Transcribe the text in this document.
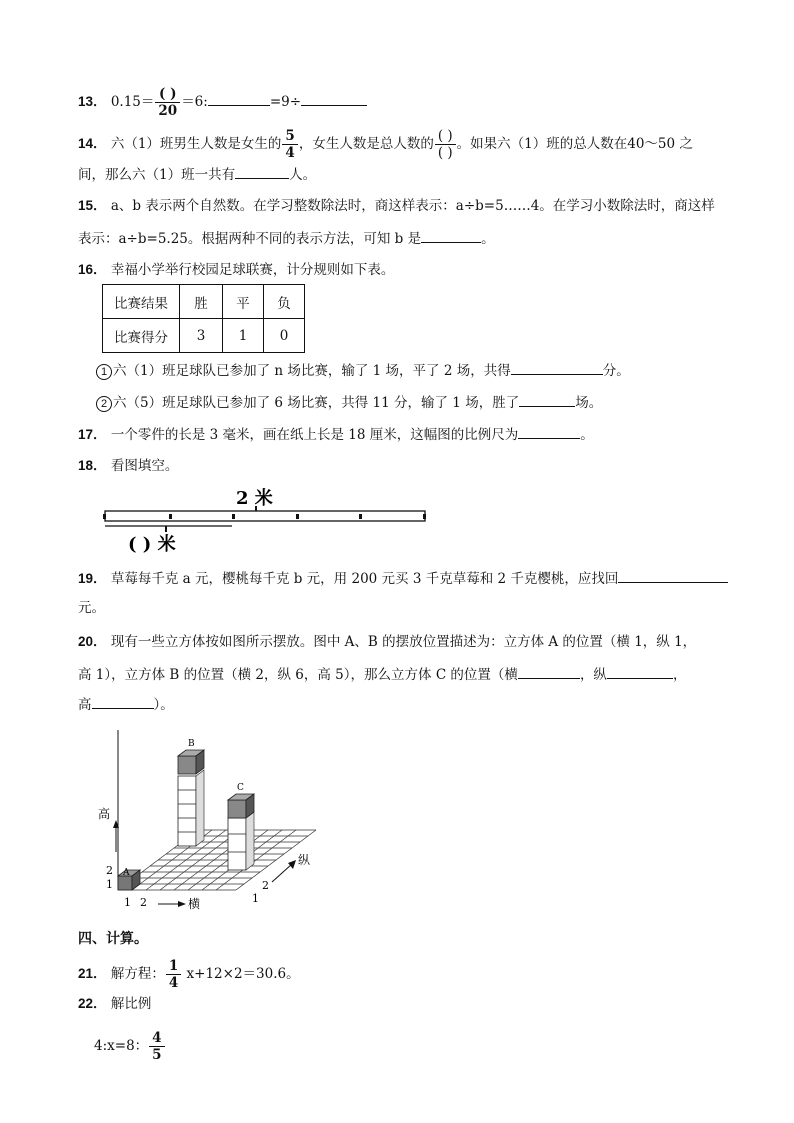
13． $0.15= \frac{( )}{20} =6$:	=9÷
14． 六（1）班男生人数是女生的 $\frac{5}{4}$ ，女生人数是总人数的 $\frac{( )}{( )}$ 。如果六（1）班的总人数在40～50 之
间，那么六（1）班一共有	人。
15． a、b 表示两个自然数。在学习整数除法时，商这样表示：a÷b=5……4。在学习小数除法时，商这样
表示：a÷b=5.25。根据两种不同的表示方法，可知 b 是	。
16． 幸福小学举行校园足球联赛，计分规则如下表。
比赛结果	胜	平	负
比赛得分	3	1	0
1 六（1）班足球队已参加了 n 场比赛，输了 1 场，平了 2 场，共得	分。
2 六（5）班足球队已参加了 6 场比赛，共得 11 分，输了 1 场，胜了	场。
17． 一个零件的长是 3 毫米，画在纸上长是 18 厘米，这幅图的比例尺为	。
18． 看图填空。
2 米
( ) 米
19． 草莓每千克 a 元，樱桃每千克 b 元，用 200 元买 3 千克草莓和 2 千克樱桃，应找回
元。
20． 现有一些立方体按如图所示摆放。图中 A、B 的摆放位置描述为：立方体 A 的位置（横 1，纵 1，
高 1），立方体 B 的位置（横 2，纵 6，高 5），那么立方体 C 的位置（横	，纵	，
高	）。
高
A
B
C
2
1
1 2	横	1
2
纵
四、计算。
21． 解方程： $\frac{1}{4} x+12\times 2=30.6$。
22． 解比例
4:x=8： $\frac{4}{5}$
